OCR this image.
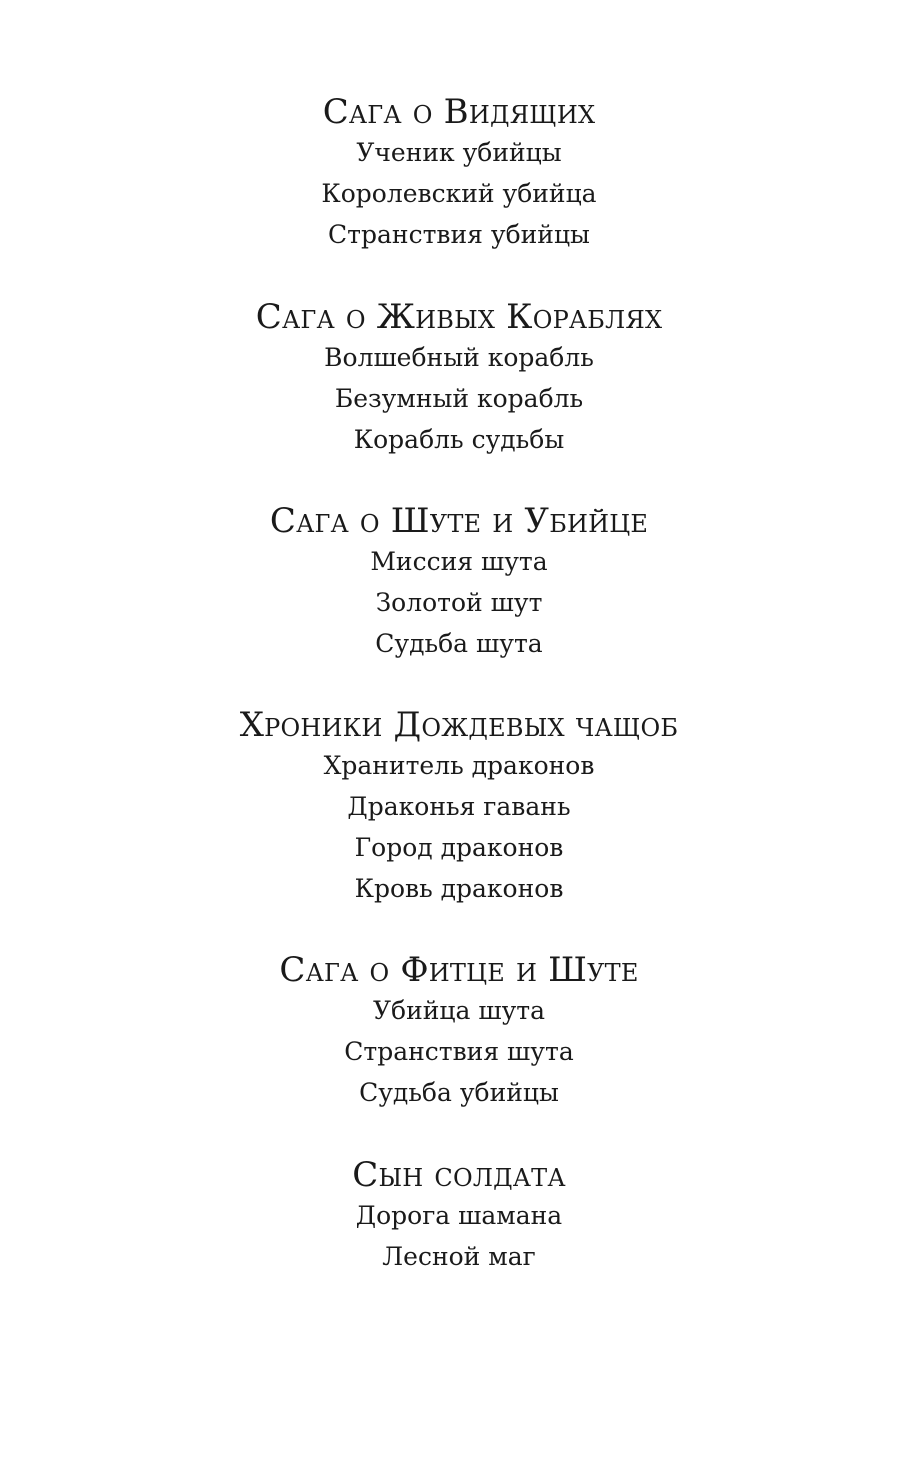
Сага о Видящих
Ученик убийцы
Королевский убийца
Странствия убийцы
Сага о Живых Кораблях
Волшебный корабль
Безумный корабль
Корабль судьбы
Сага о Шуте и Убийце
Миссия шута
Золотой шут
Судьба шута
Хроники Дождевых чащоб
Хранитель драконов
Драконья гавань
Город драконов
Кровь драконов
Сага о Фитце и Шуте
Убийца шута
Странствия шута
Судьба убийцы
Сын солдата
Дорога шамана
Лесной маг
